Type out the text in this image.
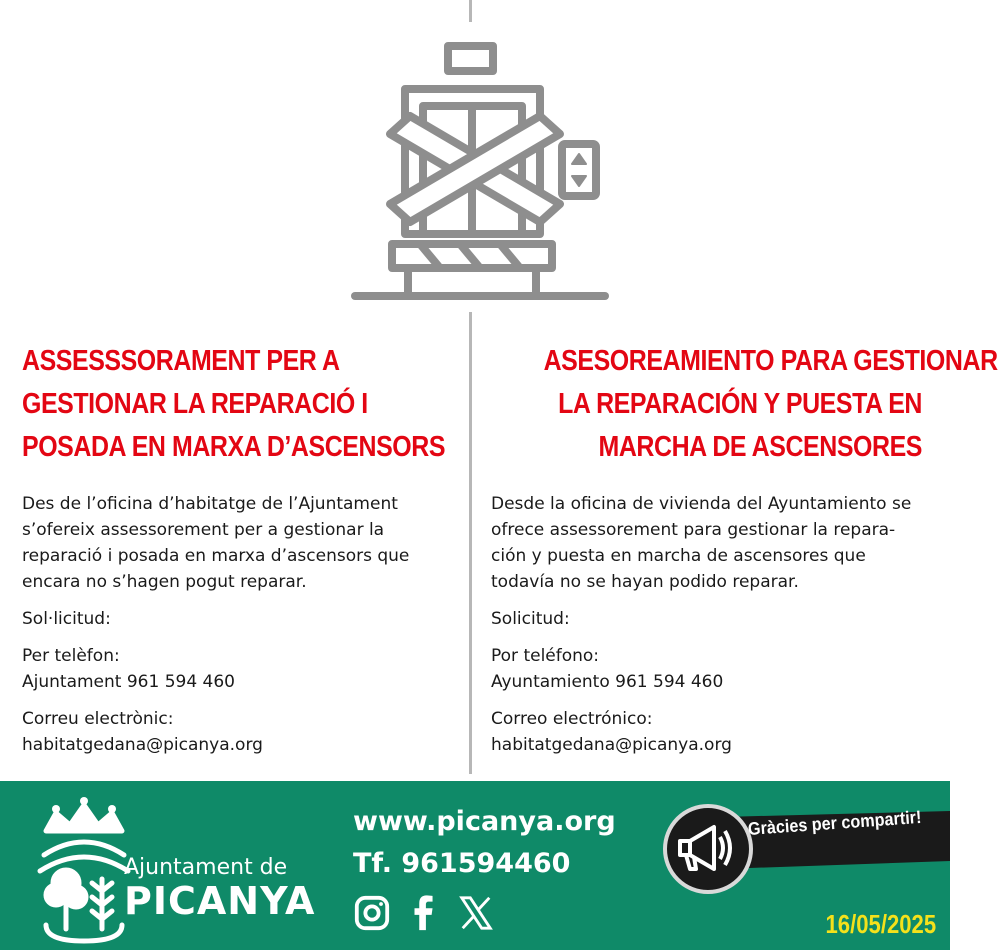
ASSESSSORAMENT PER A
GESTIONAR LA REPARACIÓ I
POSADA EN MARXA D’ASCENSORS

Des de l’oficina d’habitatge de l’Ajuntament
s’ofereix assessorement per a gestionar la
reparació i posada en marxa d’ascensors que
encara no s’hagen pogut reparar.

Sol·licitud:

Per telèfon:
Ajuntament 961 594 460

Correu electrònic:
habitatgedana@picanya.org

ASESOREAMIENTO PARA GESTIONAR
LA REPARACIÓN Y PUESTA EN
MARCHA DE ASCENSORES

Desde la oficina de vivienda del Ayuntamiento se
ofrece assessorement para gestionar la repara-
ción y puesta en marcha de ascensores que
todavía no se hayan podido reparar.

Solicitud:

Por teléfono:
Ayuntamiento 961 594 460

Correo electrónico:
habitatgedana@picanya.org

Ajuntament de
PICANYA
www.picanya.org
Tf. 961594460
Gràcies per compartir!
16/05/2025
